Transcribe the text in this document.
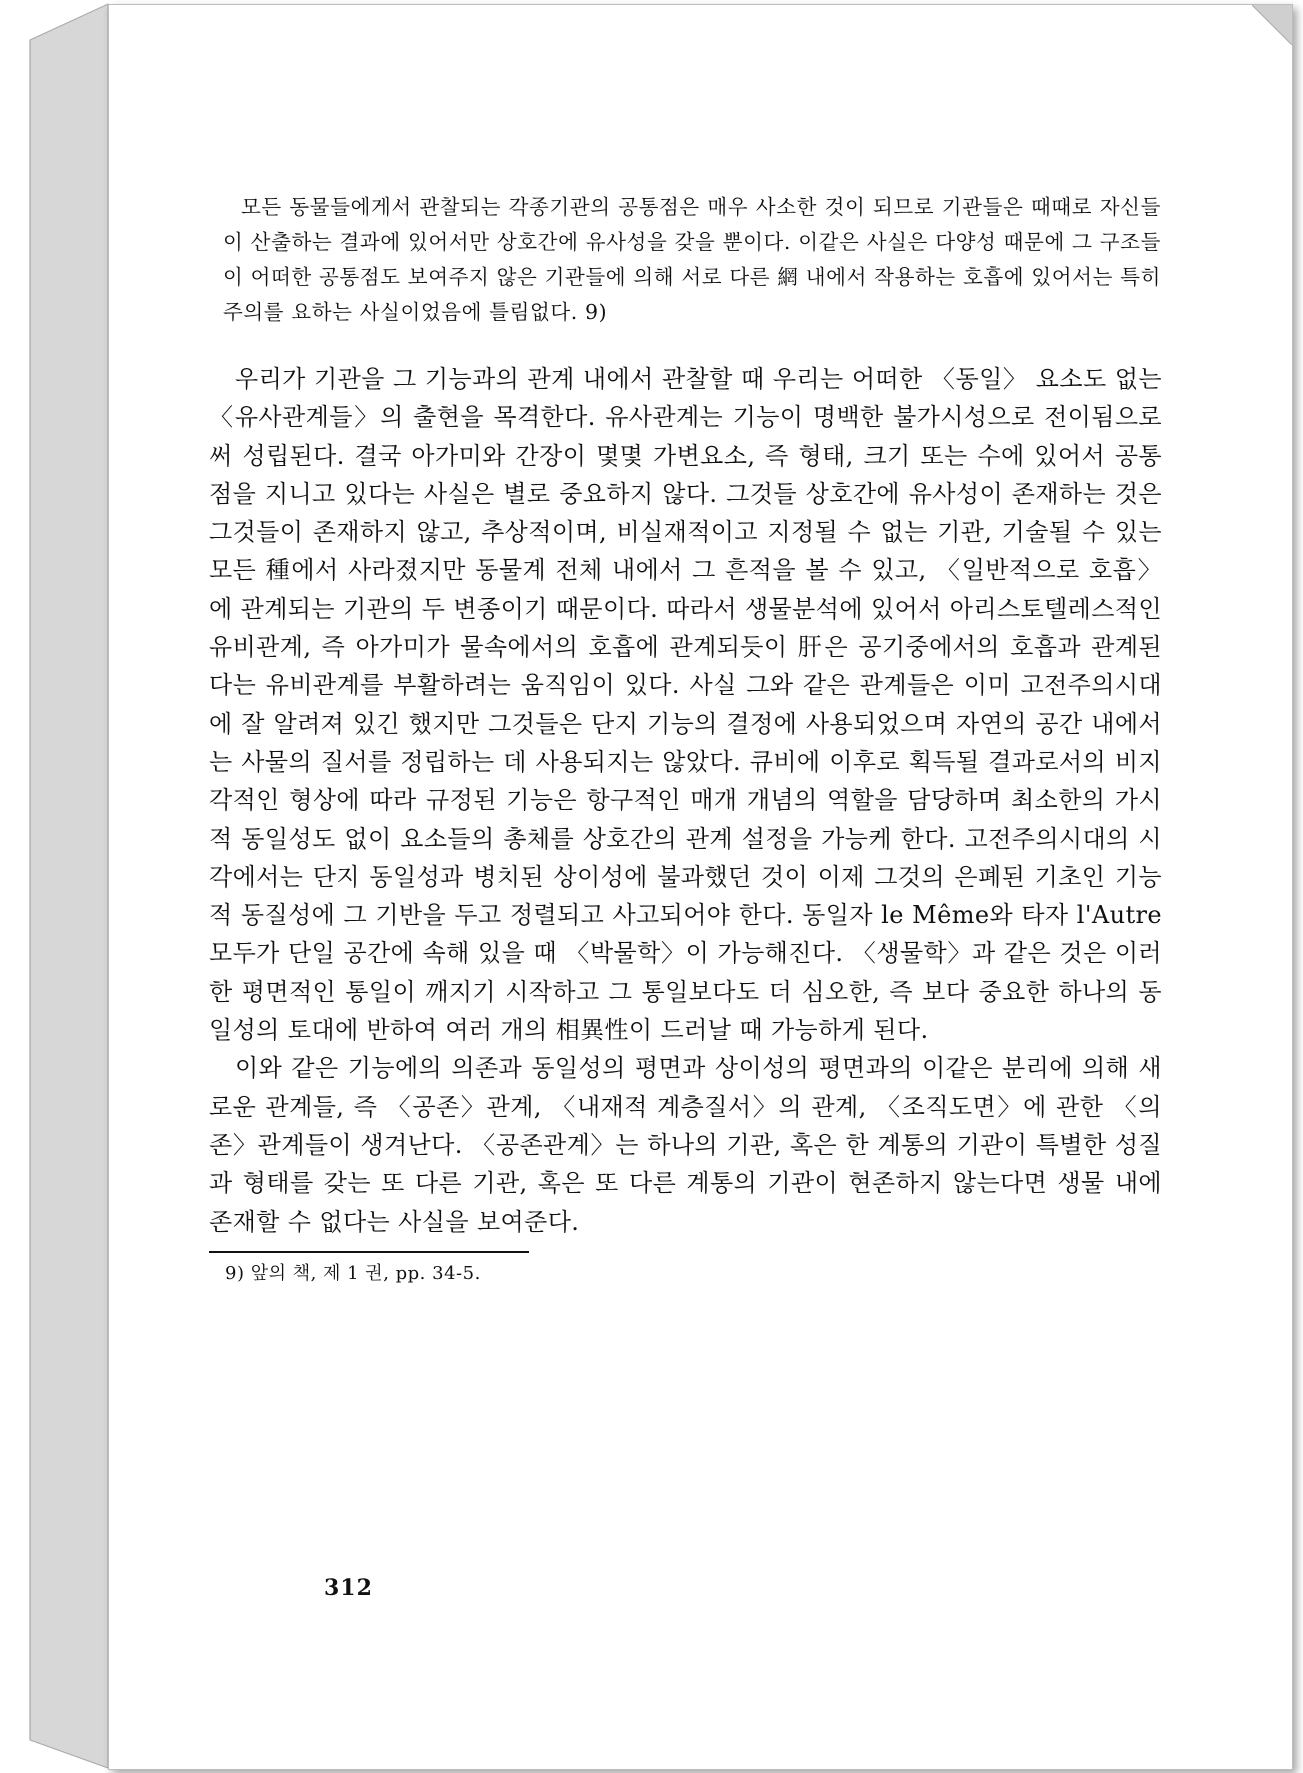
모든 동물들에게서 관찰되는 각종기관의 공통점은 매우 사소한 것이 되므로 기관들은 때때로 자신들이 산출하는 결과에 있어서만 상호간에 유사성을 갖을 뿐이다. 이같은 사실은 다양성 때문에 그 구조들이 어떠한 공통점도 보여주지 않은 기관들에 의해 서로 다른 網 내에서 작용하는 호흡에 있어서는 특히 주의를 요하는 사실이었음에 틀림없다. 9)

우리가 기관을 그 기능과의 관계 내에서 관찰할 때 우리는 어떠한 〈동일〉 요소도 없는 〈유사관계들〉의 출현을 목격한다. 유사관계는 기능이 명백한 불가시성으로 전이됨으로써 성립된다. 결국 아가미와 간장이 몇몇 가변요소, 즉 형태, 크기 또는 수에 있어서 공통점을 지니고 있다는 사실은 별로 중요하지 않다. 그것들 상호간에 유사성이 존재하는 것은 그것들이 존재하지 않고, 추상적이며, 비실재적이고 지정될 수 없는 기관, 기술될 수 있는 모든 種에서 사라졌지만 동물계 전체 내에서 그 흔적을 볼 수 있고, 〈일반적으로 호흡〉에 관계되는 기관의 두 변종이기 때문이다. 따라서 생물분석에 있어서 아리스토텔레스적인 유비관계, 즉 아가미가 물속에서의 호흡에 관계되듯이 肝은 공기중에서의 호흡과 관계된다는 유비관계를 부활하려는 움직임이 있다. 사실 그와 같은 관계들은 이미 고전주의시대에 잘 알려져 있긴 했지만 그것들은 단지 기능의 결정에 사용되었으며 자연의 공간 내에서는 사물의 질서를 정립하는 데 사용되지는 않았다. 큐비에 이후로 획득될 결과로서의 비지각적인 형상에 따라 규정된 기능은 항구적인 매개 개념의 역할을 담당하며 최소한의 가시적 동일성도 없이 요소들의 총체를 상호간의 관계 설정을 가능케 한다. 고전주의시대의 시각에서는 단지 동일성과 병치된 상이성에 불과했던 것이 이제 그것의 은폐된 기초인 기능적 동질성에 그 기반을 두고 정렬되고 사고되어야 한다. 동일자 le Même와 타자 l'Autre 모두가 단일 공간에 속해 있을 때 〈박물학〉이 가능해진다. 〈생물학〉과 같은 것은 이러한 평면적인 통일이 깨지기 시작하고 그 통일보다도 더 심오한, 즉 보다 중요한 하나의 동일성의 토대에 반하여 여러 개의 相異性이 드러날 때 가능하게 된다.

이와 같은 기능에의 의존과 동일성의 평면과 상이성의 평면과의 이같은 분리에 의해 새로운 관계들, 즉 〈공존〉관계, 〈내재적 계층질서〉의 관계, 〈조직도면〉에 관한 〈의존〉관계들이 생겨난다. 〈공존관계〉는 하나의 기관, 혹은 한 계통의 기관이 특별한 성질과 형태를 갖는 또 다른 기관, 혹은 또 다른 계통의 기관이 현존하지 않는다면 생물 내에 존재할 수 없다는 사실을 보여준다.

9) 앞의 책, 제 1 권, pp. 34-5.

312
